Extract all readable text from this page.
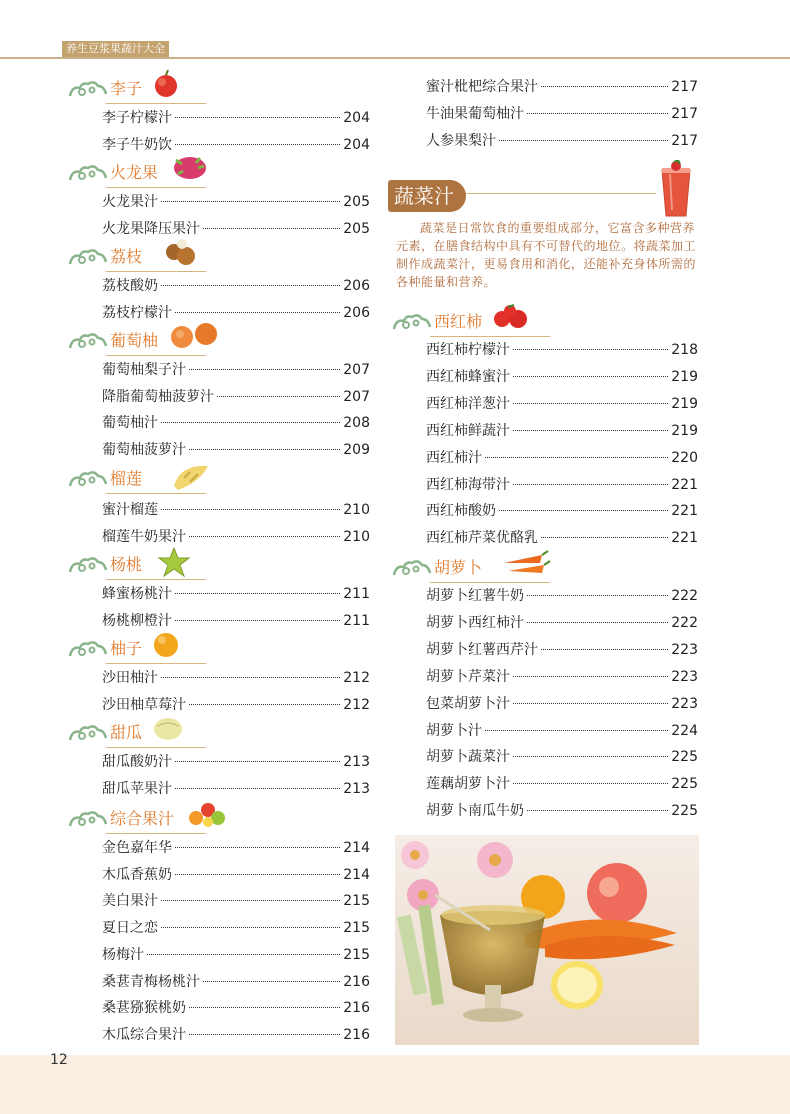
养生豆浆果蔬汁大全
李子
李子柠檬汁	204
李子牛奶饮	204
火龙果
火龙果汁	205
火龙果降压果汁	205
荔枝
荔枝酸奶	206
荔枝柠檬汁	206
葡萄柚
葡萄柚梨子汁	207
降脂葡萄柚菠萝汁	207
葡萄柚汁	208
葡萄柚菠萝汁	209
榴莲
蜜汁榴莲	210
榴莲牛奶果汁	210
杨桃
蜂蜜杨桃汁	211
杨桃柳橙汁	211
柚子
沙田柚汁	212
沙田柚草莓汁	212
甜瓜
甜瓜酸奶汁	213
甜瓜苹果汁	213
综合果汁
金色嘉年华	214
木瓜香蕉奶	214
美白果汁	215
夏日之恋	215
杨梅汁	215
桑葚青梅杨桃汁	216
桑葚猕猴桃奶	216
木瓜综合果汁	216
蜜汁枇杷综合果汁	217
牛油果葡萄柚汁	217
人参果梨汁	217
西红柿
西红柿柠檬汁	218
西红柿蜂蜜汁	219
西红柿洋葱汁	219
西红柿鲜蔬汁	219
西红柿汁	220
西红柿海带汁	221
西红柿酸奶	221
西红柿芹菜优酪乳	221
胡萝卜
胡萝卜红薯牛奶	222
胡萝卜西红柿汁	222
胡萝卜红薯西芹汁	223
胡萝卜芹菜汁	223
包菜胡萝卜汁	223
胡萝卜汁	224
胡萝卜蔬菜汁	225
莲藕胡萝卜汁	225
胡萝卜南瓜牛奶	225
蔬菜汁
蔬菜是日常饮食的重要组成部分，它富含多种营养元素，在膳食结构中具有不可替代的地位。将蔬菜加工制作成蔬菜汁，更易食用和消化，还能补充身体所需的各种能量和营养。
12
